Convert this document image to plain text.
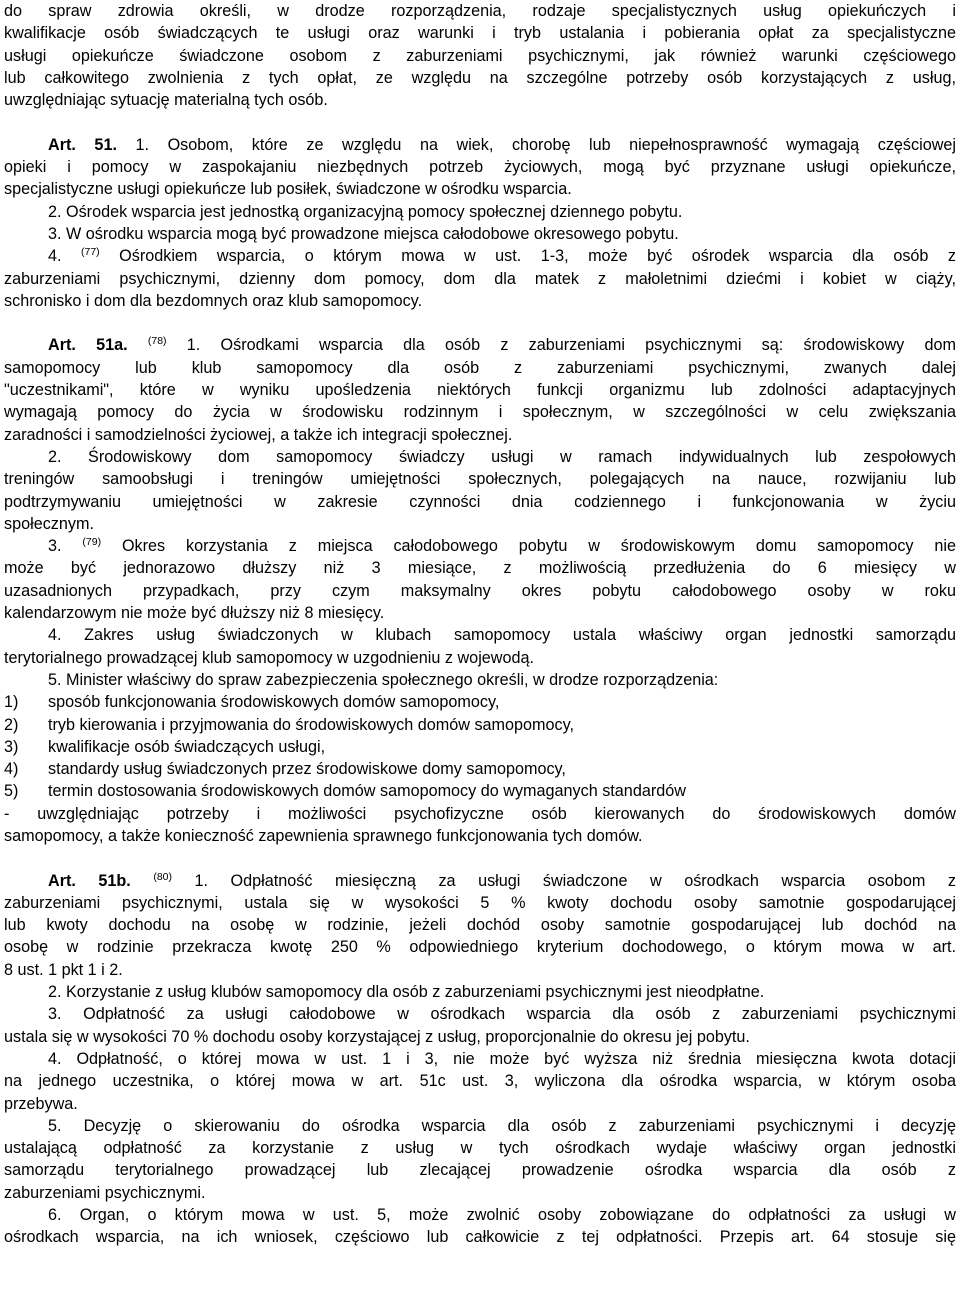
do spraw zdrowia określi, w drodze rozporządzenia, rodzaje specjalistycznych usług opiekuńczych i
kwalifikacje osób świadczących te usługi oraz warunki i tryb ustalania i pobierania opłat za specjalistyczne
usługi opiekuńcze świadczone osobom z zaburzeniami psychicznymi, jak również warunki częściowego
lub całkowitego zwolnienia z tych opłat, ze względu na szczególne potrzeby osób korzystających z usług,
uwzględniając sytuację materialną tych osób.
Art. 51. 1. Osobom, które ze względu na wiek, chorobę lub niepełnosprawność wymagają częściowej
opieki i pomocy w zaspokajaniu niezbędnych potrzeb życiowych, mogą być przyznane usługi opiekuńcze,
specjalistyczne usługi opiekuńcze lub posiłek, świadczone w ośrodku wsparcia.
2. Ośrodek wsparcia jest jednostką organizacyjną pomocy społecznej dziennego pobytu.
3. W ośrodku wsparcia mogą być prowadzone miejsca całodobowe okresowego pobytu.
4. $^{(77)}$ Ośrodkiem wsparcia, o którym mowa w ust. 1-3, może być ośrodek wsparcia dla osób z
zaburzeniami psychicznymi, dzienny dom pomocy, dom dla matek z małoletnimi dziećmi i kobiet w ciąży,
schronisko i dom dla bezdomnych oraz klub samopomocy.
Art. 51a. $^{(78)}$ 1. Ośrodkami wsparcia dla osób z zaburzeniami psychicznymi są: środowiskowy dom
samopomocy lub klub samopomocy dla osób z zaburzeniami psychicznymi, zwanych dalej
"uczestnikami", które w wyniku upośledzenia niektórych funkcji organizmu lub zdolności adaptacyjnych
wymagają pomocy do życia w środowisku rodzinnym i społecznym, w szczególności w celu zwiększania
zaradności i samodzielności życiowej, a także ich integracji społecznej.
2. Środowiskowy dom samopomocy świadczy usługi w ramach indywidualnych lub zespołowych
treningów samoobsługi i treningów umiejętności społecznych, polegających na nauce, rozwijaniu lub
podtrzymywaniu umiejętności w zakresie czynności dnia codziennego i funkcjonowania w życiu
społecznym.
3. $^{(79)}$ Okres korzystania z miejsca całodobowego pobytu w środowiskowym domu samopomocy nie
może być jednorazowo dłuższy niż 3 miesiące, z możliwością przedłużenia do 6 miesięcy w
uzasadnionych przypadkach, przy czym maksymalny okres pobytu całodobowego osoby w roku
kalendarzowym nie może być dłuższy niż 8 miesięcy.
4. Zakres usług świadczonych w klubach samopomocy ustala właściwy organ jednostki samorządu
terytorialnego prowadzącej klub samopomocy w uzgodnieniu z wojewodą.
5. Minister właściwy do spraw zabezpieczenia społecznego określi, w drodze rozporządzenia:
1)	sposób funkcjonowania środowiskowych domów samopomocy,
2)	tryb kierowania i przyjmowania do środowiskowych domów samopomocy,
3)	kwalifikacje osób świadczących usługi,
4)	standardy usług świadczonych przez środowiskowe domy samopomocy,
5)	termin dostosowania środowiskowych domów samopomocy do wymaganych standardów
- uwzględniając potrzeby i możliwości psychofizyczne osób kierowanych do środowiskowych domów
samopomocy, a także konieczność zapewnienia sprawnego funkcjonowania tych domów.
Art. 51b. $^{(80)}$ 1. Odpłatność miesięczną za usługi świadczone w ośrodkach wsparcia osobom z
zaburzeniami psychicznymi, ustala się w wysokości 5 % kwoty dochodu osoby samotnie gospodarującej
lub kwoty dochodu na osobę w rodzinie, jeżeli dochód osoby samotnie gospodarującej lub dochód na
osobę w rodzinie przekracza kwotę 250 % odpowiedniego kryterium dochodowego, o którym mowa w art.
8 ust. 1 pkt 1 i 2.
2. Korzystanie z usług klubów samopomocy dla osób z zaburzeniami psychicznymi jest nieodpłatne.
3. Odpłatność za usługi całodobowe w ośrodkach wsparcia dla osób z zaburzeniami psychicznymi
ustala się w wysokości 70 % dochodu osoby korzystającej z usług, proporcjonalnie do okresu jej pobytu.
4. Odpłatność, o której mowa w ust. 1 i 3, nie może być wyższa niż średnia miesięczna kwota dotacji
na jednego uczestnika, o której mowa w art. 51c ust. 3, wyliczona dla ośrodka wsparcia, w którym osoba
przebywa.
5. Decyzję o skierowaniu do ośrodka wsparcia dla osób z zaburzeniami psychicznymi i decyzję
ustalającą odpłatność za korzystanie z usług w tych ośrodkach wydaje właściwy organ jednostki
samorządu terytorialnego prowadzącej lub zlecającej prowadzenie ośrodka wsparcia dla osób z
zaburzeniami psychicznymi.
6. Organ, o którym mowa w ust. 5, może zwolnić osoby zobowiązane do odpłatności za usługi w
ośrodkach wsparcia, na ich wniosek, częściowo lub całkowicie z tej odpłatności. Przepis art. 64 stosuje się
